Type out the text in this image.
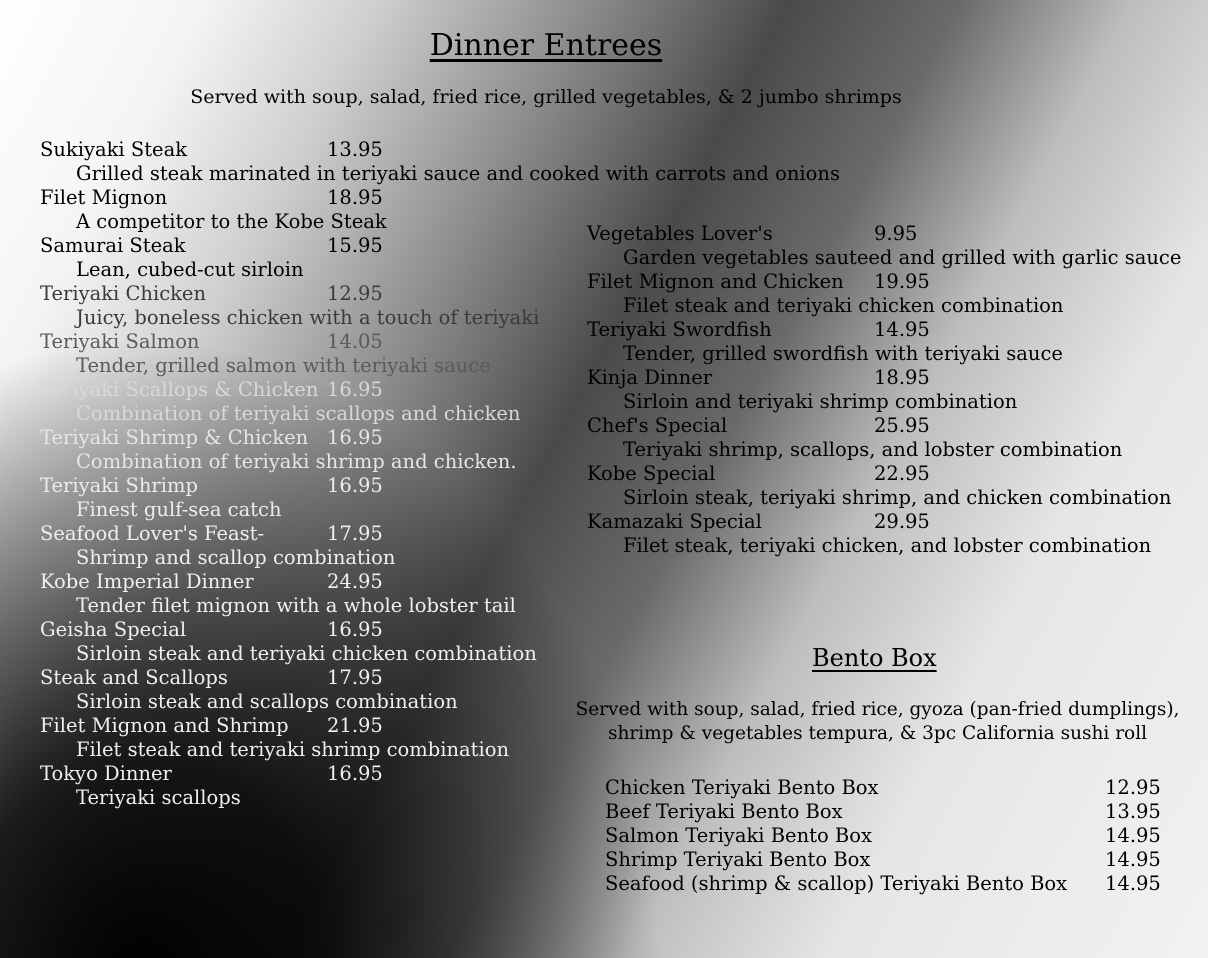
Dinner Entrees
Served with soup, salad, fried rice, grilled vegetables, & 2 jumbo shrimps
Sukiyaki Steak	13.95
Grilled steak marinated in teriyaki sauce and cooked with carrots and onions
Filet Mignon	18.95
A competitor to the Kobe Steak
Samurai Steak	15.95
Lean, cubed-cut sirloin
Teriyaki Chicken	12.95
Juicy, boneless chicken with a touch of teriyaki
Teriyaki Salmon	14.05
Tender, grilled salmon with teriyaki sauce
Teriyaki Scallops & Chicken 16.95
Combination of teriyaki scallops and chicken
Teriyaki Shrimp & Chicken 16.95
Combination of teriyaki shrimp and chicken.
Teriyaki Shrimp	16.95
Finest gulf-sea catch
Seafood Lover's Feast-	17.95
Shrimp and scallop combination
Kobe Imperial Dinner	24.95
Tender filet mignon with a whole lobster tail
Geisha Special	16.95
Sirloin steak and teriyaki chicken combination
Steak and Scallops	17.95
Sirloin steak and scallops combination
Filet Mignon and Shrimp	21.95
Filet steak and teriyaki shrimp combination
Tokyo Dinner	16.95
Teriyaki scallops
Vegetables Lover's	9.95
Garden vegetables sauteed and grilled with garlic sauce
Filet Mignon and Chicken	19.95
Filet steak and teriyaki chicken combination
Teriyaki Swordfish	14.95
Tender, grilled swordfish with teriyaki sauce
Kinja Dinner	18.95
Sirloin and teriyaki shrimp combination
Chef's Special	25.95
Teriyaki shrimp, scallops, and lobster combination
Kobe Special	22.95
Sirloin steak, teriyaki shrimp, and chicken combination
Kamazaki Special	29.95
Filet steak, teriyaki chicken, and lobster combination
Bento Box
Served with soup, salad, fried rice, gyoza (pan-fried dumplings),
shrimp & vegetables tempura, & 3pc California sushi roll
Chicken Teriyaki Bento Box	12.95
Beef Teriyaki Bento Box	13.95
Salmon Teriyaki Bento Box	14.95
Shrimp Teriyaki Bento Box	14.95
Seafood (shrimp & scallop) Teriyaki Bento Box	14.95
